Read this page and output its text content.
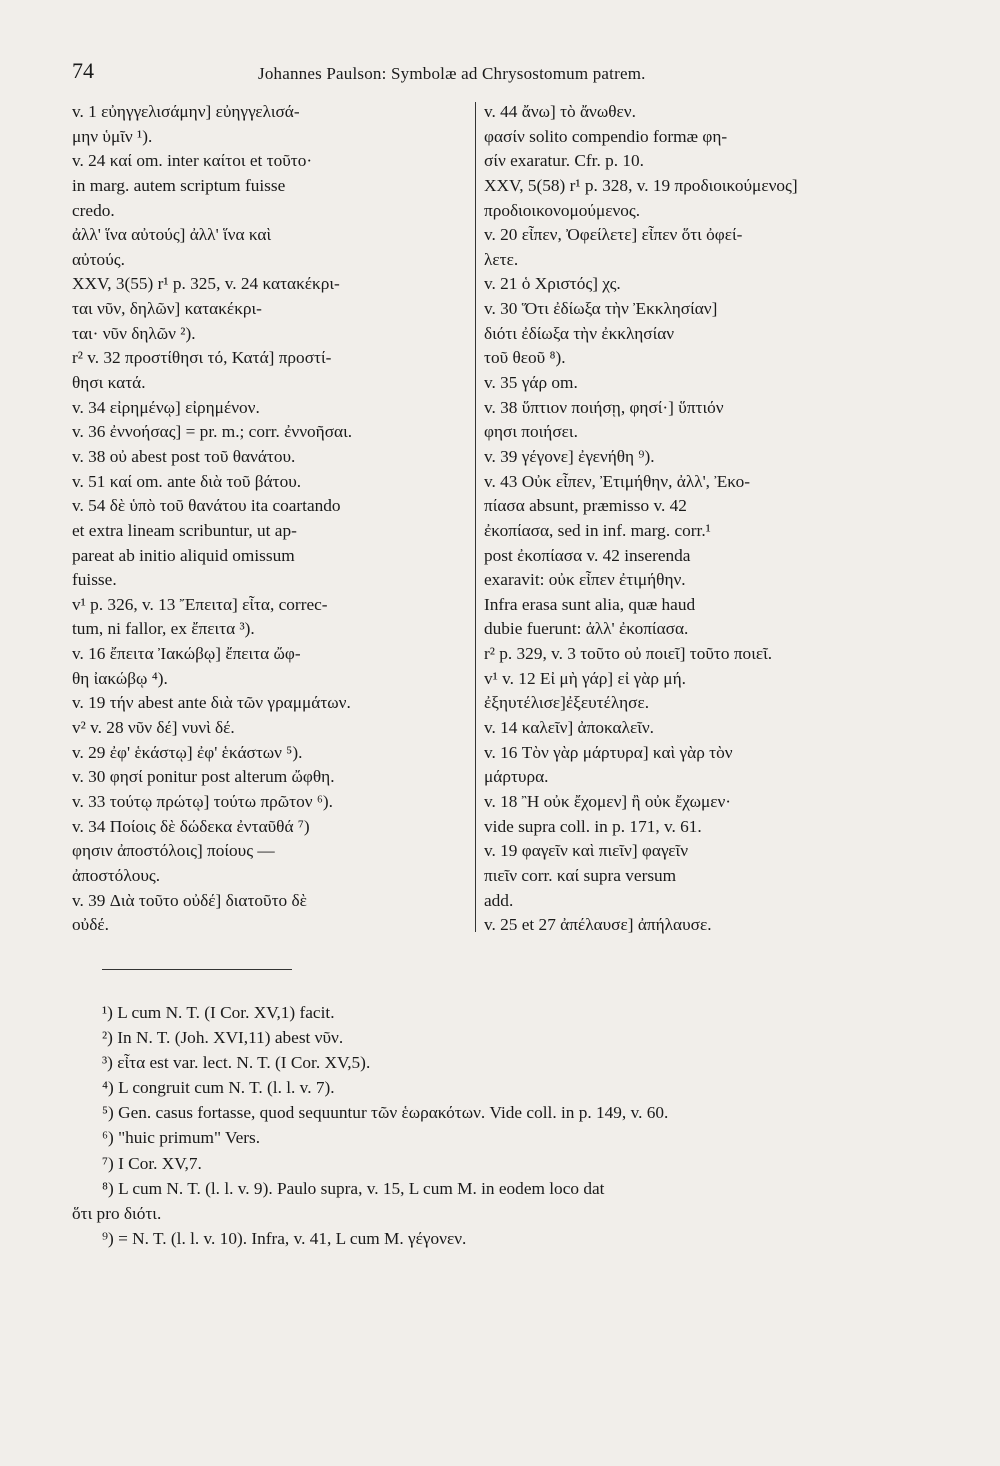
74	Johannes Paulson: Symbolæ ad Chrysostomum patrem.
v. 1 εὐηγγελισάμην] εὐηγγελισά-
μην ὑμῖν ¹).
v. 24 καί om. inter καίτοι et τοῦτο·
in marg. autem scriptum fuisse
credo.
ἀλλ' ἵνα αὐτούς] ἀλλ' ἵνα καὶ
αὐτούς.
XXV, 3(55) r¹ p. 325, v. 24 κατακέκρι-
ται νῦν, δηλῶν] κατακέκρι-
ται· νῦν δηλῶν ²).
r² v. 32 προστίθησι τό, Κατά] προστί-
θησι κατά.
v. 34 εἰρημένῳ] εἰρημένον.
v. 36 ἐννοήσας] = pr. m.; corr. ἐννοῆσαι.
v. 38 οὐ abest post τοῦ θανάτου.
v. 51 καί om. ante διὰ τοῦ βάτου.
v. 54 δὲ ὑπὸ τοῦ θανάτου ita coartando
et extra lineam scribuntur, ut ap-
pareat ab initio aliquid omissum
fuisse.
v¹ p. 326, v. 13 Ἔπειτα] εἶτα, correc-
tum, ni fallor, ex ἔπειτα ³).
v. 16 ἔπειτα Ἰακώβῳ] ἔπειτα ὤφ-
θη ἰακώβῳ ⁴).
v. 19 τήν abest ante διὰ τῶν γραμμάτων.
v² v. 28 νῦν δέ] νυνὶ δέ.
v. 29 ἐφ' ἑκάστῳ] ἐφ' ἑκάστων ⁵).
v. 30 φησί ponitur post alterum ὤφθη.
v. 33 τούτῳ πρώτῳ] τούτω πρῶτον ⁶).
v. 34 Ποίοις δὲ δώδεκα ἐνταῦθά ⁷)
φησιν ἀποστόλοις] ποίους —
ἀποστόλους.
v. 39 Διὰ τοῦτο οὐδέ] διατοῦτο δὲ
οὐδέ.
v. 44 ἄνω] τὸ ἄνωθεν.
φασίν solito compendio formæ φη-
σίν exaratur. Cfr. p. 10.
XXV, 5(58) r¹ p. 328, v. 19 προδιοικούμενος]
προδιοικονομούμενος.
v. 20 εἶπεν, Ὀφείλετε] εἶπεν ὅτι ὀφεί-
λετε.
v. 21 ὁ Χριστός] χς.
v. 30 Ὅτι ἐδίωξα τὴν Ἐκκλησίαν]
διότι ἐδίωξα τὴν ἐκκλησίαν
τοῦ θεοῦ ⁸).
v. 35 γάρ om.
v. 38 ὕπτιον ποιήσῃ, φησί·] ὕπτιόν
φησι ποιήσει.
v. 39 γέγονε] ἐγενήθη ⁹).
v. 43 Οὐκ εἶπεν, Ἐτιμήθην, ἀλλ', Ἐκο-
πίασα absunt, præmisso v. 42
ἐκοπίασα, sed in inf. marg. corr.¹
post ἐκοπίασα v. 42 inserenda
exaravit: οὐκ εἶπεν ἐτιμήθην.
Infra erasa sunt alia, quæ haud
dubie fuerunt: ἀλλ' ἐκοπίασα.
r² p. 329, v. 3 τοῦτο οὐ ποιεῖ] τοῦτο ποιεῖ.
v¹ v. 12 Εἰ μὴ γάρ] εἰ γὰρ μή.
ἐξηυτέλισε]ἐξευτέλησε.
v. 14 καλεῖν] ἀποκαλεῖν.
v. 16 Τὸν γὰρ μάρτυρα] καὶ γὰρ τὸν
μάρτυρα.
v. 18 Ἢ οὐκ ἔχομεν] ἢ οὐκ ἔχωμεν·
vide supra coll. in p. 171, v. 61.
v. 19 φαγεῖν καὶ πιεῖν] φαγεῖν
πιεῖν corr. καί supra versum
add.
v. 25 et 27 ἀπέλαυσε] ἀπήλαυσε.
¹) L cum N. T. (I Cor. XV,1) facit.
²) In N. T. (Joh. XVI,11) abest νῦν.
³) εἶτα est var. lect. N. T. (I Cor. XV,5).
⁴) L congruit cum N. T. (l. l. v. 7).
⁵) Gen. casus fortasse, quod sequuntur τῶν ἑωρακότων. Vide coll. in p. 149, v. 60.
⁶) "huic primum" Vers.
⁷) I Cor. XV,7.
⁸) L cum N. T. (l. l. v. 9). Paulo supra, v. 15, L cum M. in eodem loco dat
ὅτι pro διότι.
⁹) = N. T. (l. l. v. 10). Infra, v. 41, L cum M. γέγονεν.
